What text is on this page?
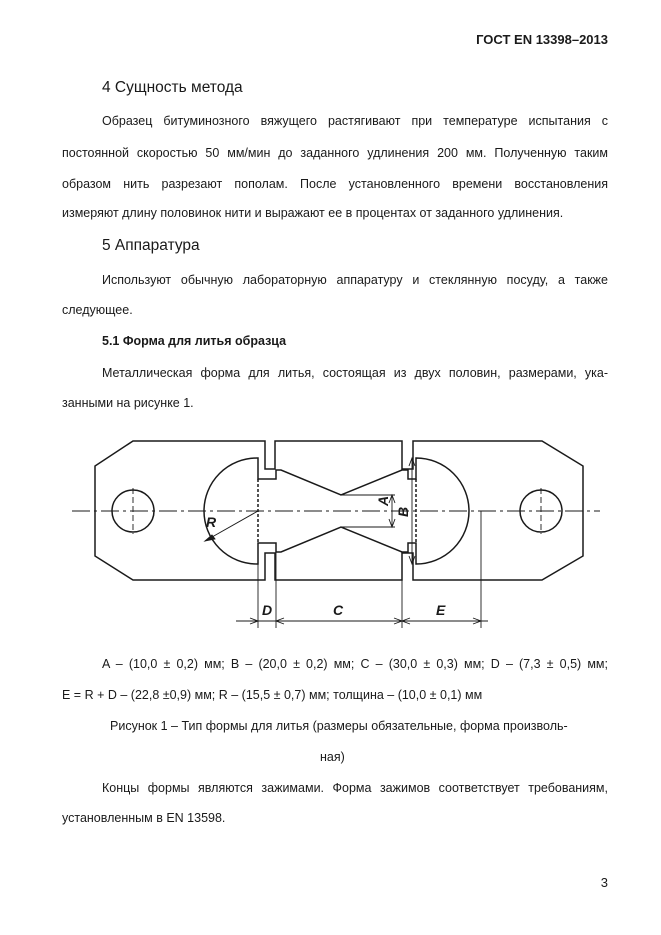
ГОСТ EN 13398–2013
4 Сущность метода
Образец битуминозного вяжущего растягивают при температуре испытания с
постоянной скоростью 50 мм/мин до заданного удлинения 200 мм. Полученную таким
образом нить разрезают пополам. После установленного времени восстановления
измеряют длину половинок нити и выражают ее в процентах от заданного удлинения.
5 Аппаратура
Используют обычную лабораторную аппаратуру и стеклянную посуду, а также
следующее.
5.1 Форма для литья образца
Металлическая форма для литья, состоящая из двух половин, размерами, ука-
занными на рисунке 1.
R
A
B
D	C	E
A – (10,0 ± 0,2) мм; B – (20,0 ± 0,2) мм; C – (30,0 ± 0,3) мм; D – (7,3 ± 0,5) мм;
E = R + D – (22,8 ±0,9) мм; R – (15,5 ± 0,7) мм; толщина – (10,0 ± 0,1) мм
Рисунок 1 – Тип формы для литья (размеры обязательные, форма произволь-
ная)
Концы формы являются зажимами. Форма зажимов соответствует требованиям,
установленным в EN 13598.
3
